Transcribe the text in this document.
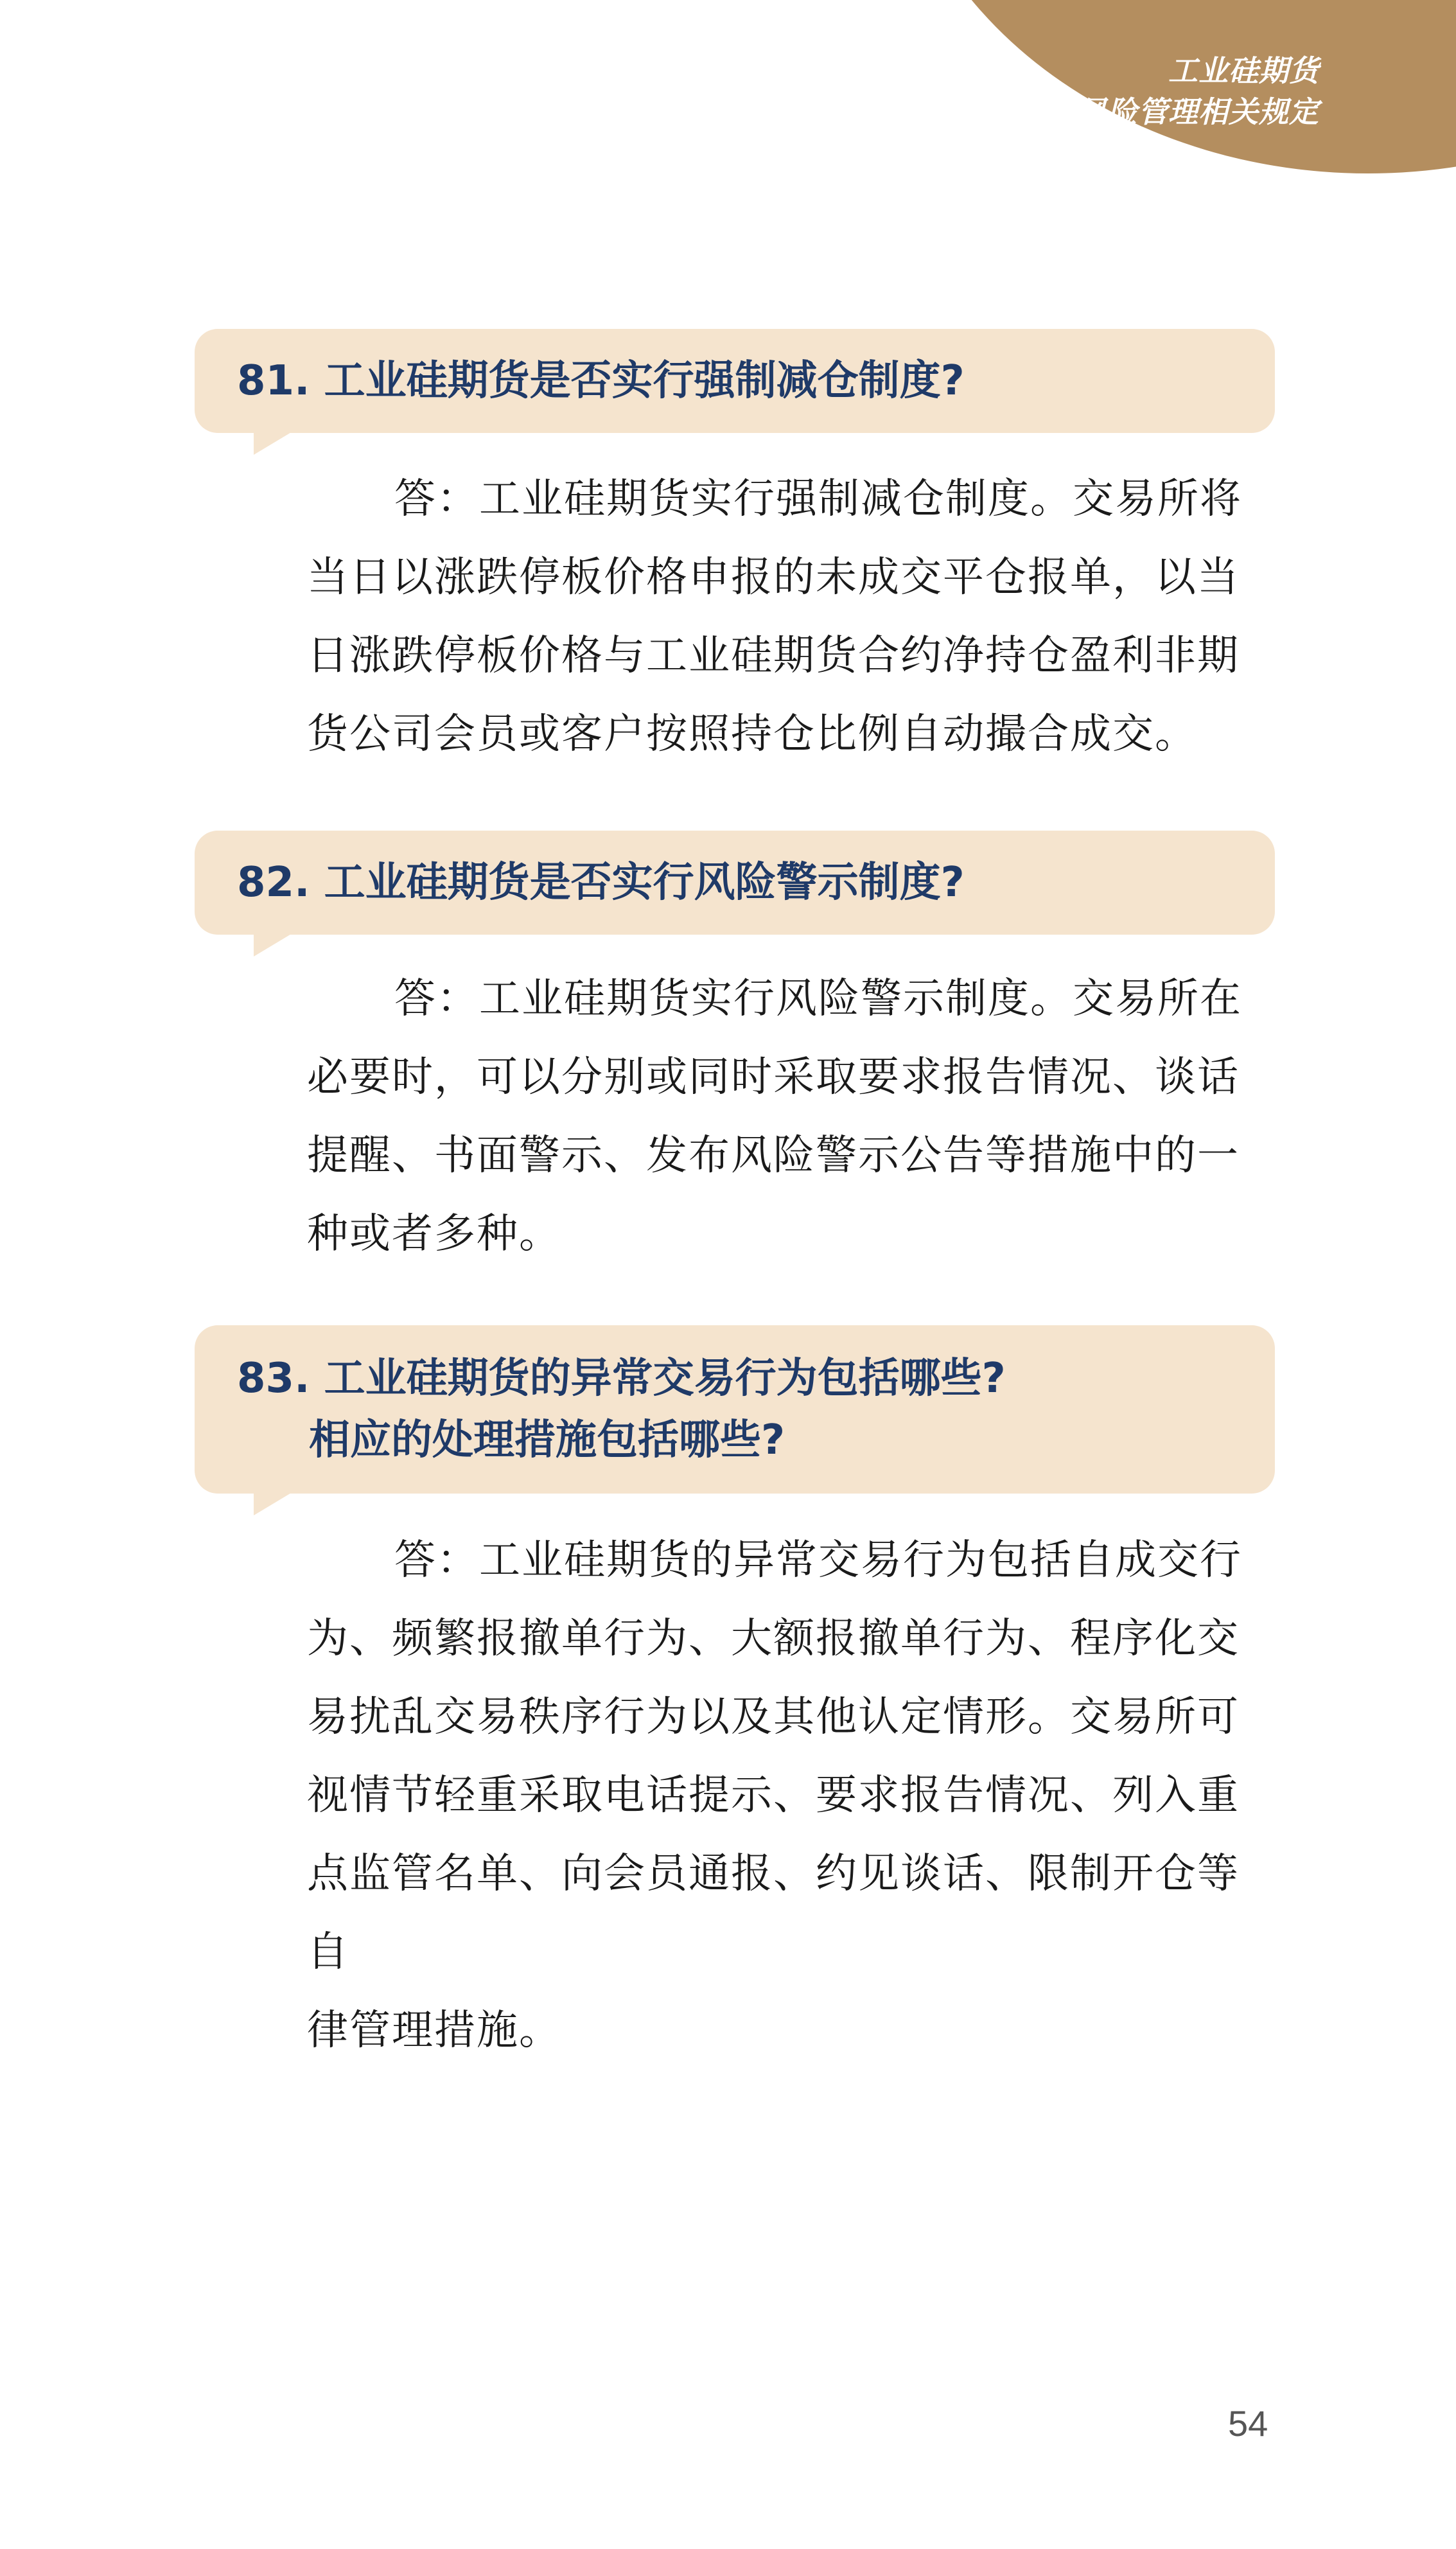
工业硅期货
风险管理相关规定
81. 工业硅期货是否实行强制减仓制度?
答：工业硅期货实行强制减仓制度。交易所将
当日以涨跌停板价格申报的未成交平仓报单，以当
日涨跌停板价格与工业硅期货合约净持仓盈利非期
货公司会员或客户按照持仓比例自动撮合成交。
82. 工业硅期货是否实行风险警示制度?
答：工业硅期货实行风险警示制度。交易所在
必要时，可以分别或同时采取要求报告情况、谈话
提醒、书面警示、发布风险警示公告等措施中的一
种或者多种。
83. 工业硅期货的异常交易行为包括哪些?
相应的处理措施包括哪些?
答：工业硅期货的异常交易行为包括自成交行
为、频繁报撤单行为、大额报撤单行为、程序化交
易扰乱交易秩序行为以及其他认定情形。交易所可
视情节轻重采取电话提示、要求报告情况、列入重
点监管名单、向会员通报、约见谈话、限制开仓等自
律管理措施。
54
